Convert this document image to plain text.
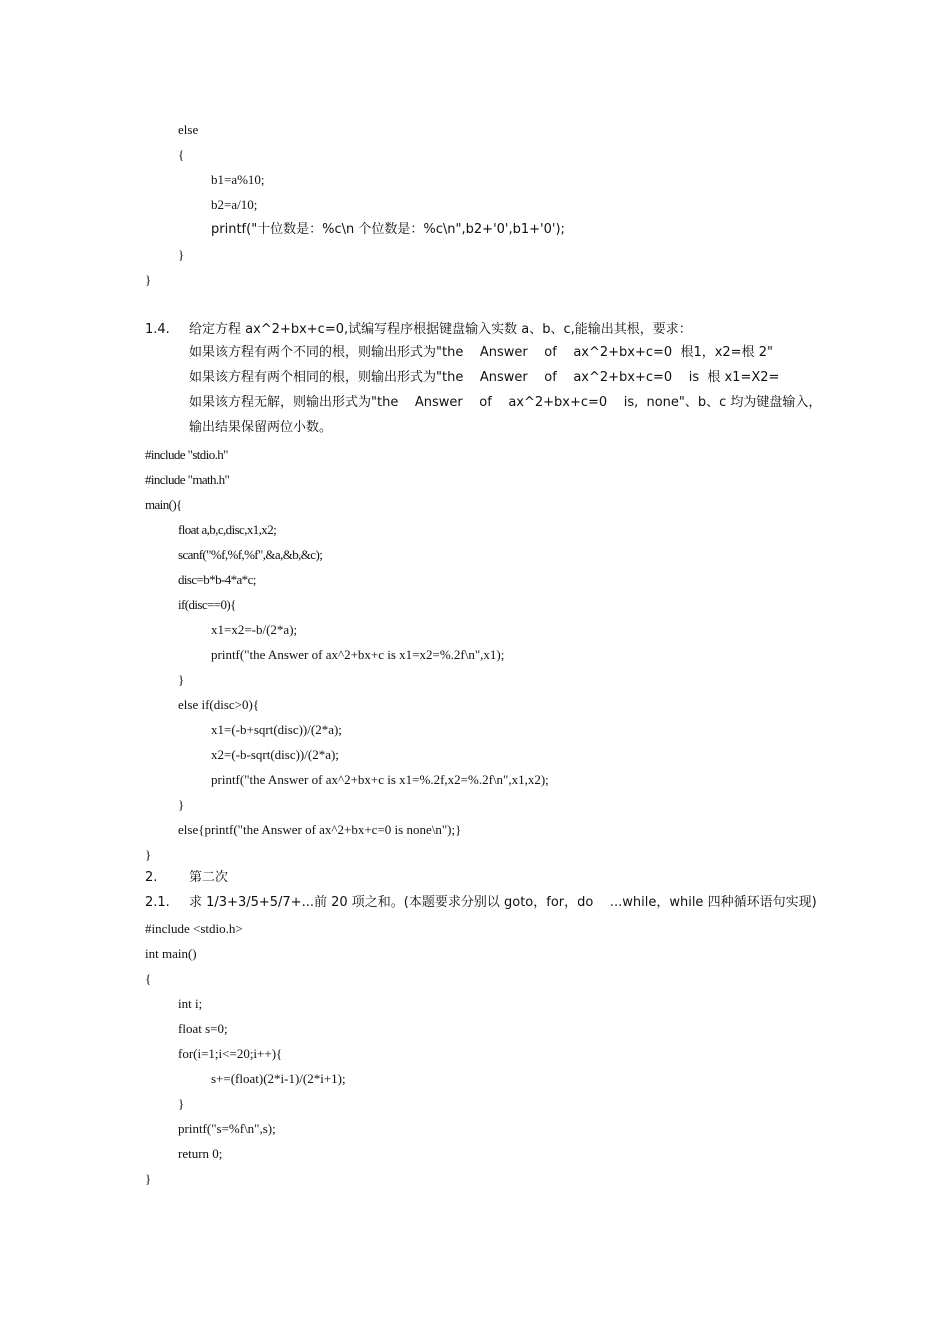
else
{
b1=a%10;
b2=a/10;
printf("十位数是：%c\n 个位数是：%c\n",b2+'0',b1+'0');
}
}
1.4. 给定方程 ax^2+bx+c=0,试编写程序根据键盘输入实数 a、b、c,能输出其根，要求：
如果该方程有两个不同的根，则输出形式为"the    Answer    of    ax^2+bx+c=0  根1，x2=根 2"
如果该方程有两个相同的根，则输出形式为"the    Answer    of    ax^2+bx+c=0    is  根 x1=X2=
如果该方程无解，则输出形式为"the    Answer    of    ax^2+bx+c=0    is,  none"、b、c 均为键盘输入，
输出结果保留两位小数。
#include "stdio.h"
#include "math.h"
main(){
float a,b,c,disc,x1,x2;
scanf("%f,%f,%f",&a,&b,&c);
disc=b*b-4*a*c;
if(disc==0){
x1=x2=-b/(2*a);
printf("the Answer of ax^2+bx+c is x1=x2=%.2f\n",x1);
}
else if(disc>0){
x1=(-b+sqrt(disc))/(2*a);
x2=(-b-sqrt(disc))/(2*a);
printf("the Answer of ax^2+bx+c is x1=%.2f,x2=%.2f\n",x1,x2);
}
else{printf("the Answer of ax^2+bx+c=0 is none\n");}
}
2. 第二次
2.1. 求 1/3+3/5+5/7+...前 20 项之和。(本题要求分别以 goto，for，do    ...while，while 四种循环语句实现)
#include <stdio.h>
int main()
{
int i;
float s=0;
for(i=1;i<=20;i++){
s+=(float)(2*i-1)/(2*i+1);
}
printf("s=%f\n",s);
return 0;
}
